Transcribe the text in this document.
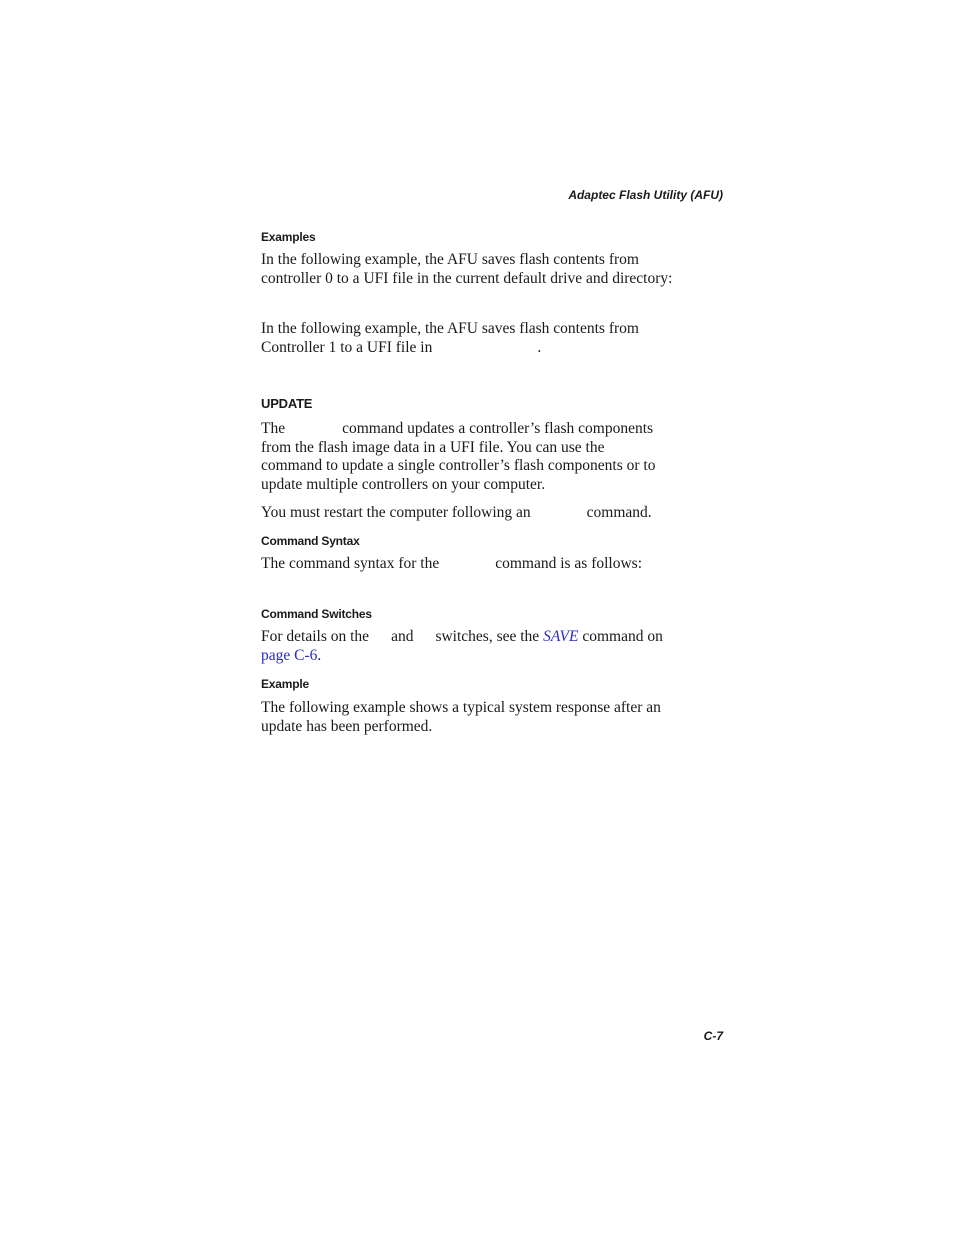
Adaptec Flash Utility (AFU)
Examples
In the following example, the AFU saves flash contents from
controller 0 to a UFI file in the current default drive and directory:
In the following example, the AFU saves flash contents from
Controller 1 to a UFI file in	.
UPDATE
The	command updates a controller’s flash components
from the flash image data in a UFI file. You can use the
command to update a single controller’s flash components or to
update multiple controllers on your computer.
You must restart the computer following an	command.
Command Syntax
The command syntax for the	command is as follows:
Command Switches
For details on the and switches, see the SAVE command on
page C-6.
Example
The following example shows a typical system response after an
update has been performed.
C-7
